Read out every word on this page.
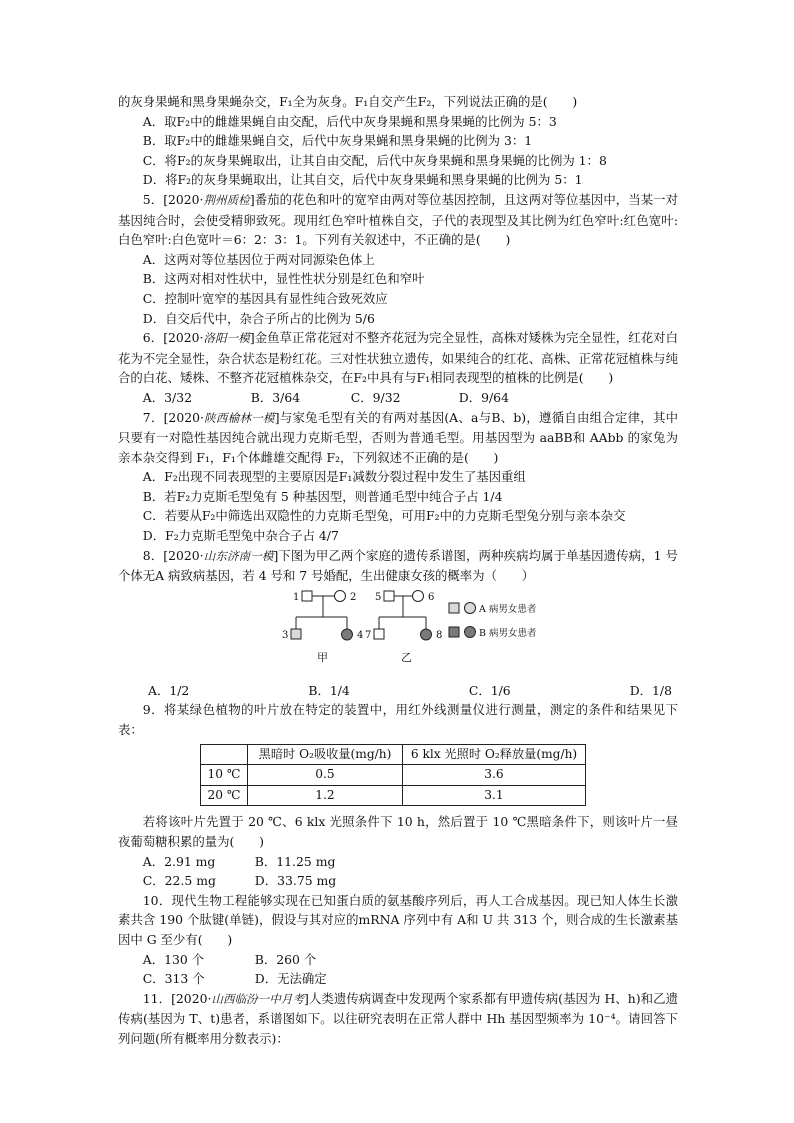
的灰身果蝇和黑身果蝇杂交，F₁全为灰身。F₁自交产生F₂，下列说法正确的是(　　)

A．取F₂中的雌雄果蝇自由交配，后代中灰身果蝇和黑身果蝇的比例为 5：3

B．取F₂中的雌雄果蝇自交，后代中灰身果蝇和黑身果蝇的比例为 3：1

C．将F₂的灰身果蝇取出，让其自由交配，后代中灰身果蝇和黑身果蝇的比例为 1：8

D．将F₂的灰身果蝇取出，让其自交，后代中灰身果蝇和黑身果蝇的比例为 5：1

5．[2020·荆州质检]番茄的花色和叶的宽窄由两对等位基因控制，且这两对等位基因中，当某一对基因纯合时，会使受精卵致死。现用红色窄叶植株自交，子代的表现型及其比例为红色窄叶:红色宽叶:白色窄叶:白色宽叶＝6：2：3：1。下列有关叙述中，不正确的是(　　)

A．这两对等位基因位于两对同源染色体上

B．这两对相对性状中，显性性状分别是红色和窄叶

C．控制叶宽窄的基因具有显性纯合致死效应

D．自交后代中，杂合子所占的比例为 5/6

6．[2020·洛阳一模]金鱼草正常花冠对不整齐花冠为完全显性，高株对矮株为完全显性，红花对白花为不完全显性，杂合状态是粉红花。三对性状独立遗传，如果纯合的红花、高株、正常花冠植株与纯合的白花、矮株、不整齐花冠植株杂交，在F₂中具有与F₁相同表现型的植株的比例是(　　)

A．3/32	B．3/64	C．9/32	D．9/64

7．[2020·陕西榆林一模]与家兔毛型有关的有两对基因(A、a与B、b)，遵循自由组合定律，其中只要有一对隐性基因纯合就出现力克斯毛型，否则为普通毛型。用基因型为 aaBB和 AAbb 的家兔为亲本杂交得到 F₁，F₁个体雌雄交配得 F₂，下列叙述不正确的是(　　)

A．F₂出现不同表现型的主要原因是F₁减数分裂过程中发生了基因重组

B．若F₂力克斯毛型兔有 5 种基因型，则普通毛型中纯合子占 1/4

C．若要从F₂中筛选出双隐性的力克斯毛型兔，可用F₂中的力克斯毛型兔分别与亲本杂交

D．F₂力克斯毛型兔中杂合子占 4/7

8．[2020·山东济南一模]下图为甲乙两个家庭的遗传系谱图，两种疾病均属于单基因遗传病，1 号个体无A 病致病基因，若 4 号和 7 号婚配，生出健康女孩的概率为（　　）

1	2
3	4
5	6
7	8
甲	乙
A 病男女患者
B 病男女患者
A．1/2	B．1/4	C．1/6	D．1/8

9．将某绿色植物的叶片放在特定的装置中，用红外线测量仪进行测量，测定的条件和结果见下表：

	黑暗时 O₂吸收量(mg/h)	6 klx 光照时 O₂释放量(mg/h)
10 ℃	0.5	3.6
20 ℃	1.2	3.1

若将该叶片先置于 20 ℃、6 klx 光照条件下 10 h，然后置于 10 ℃黑暗条件下，则该叶片一昼夜葡萄糖积累的量为(　　)

A．2.91 mg	B．11.25 mg
C．22.5 mg	D．33.75 mg

10．现代生物工程能够实现在已知蛋白质的氨基酸序列后，再人工合成基因。现已知人体生长激素共含 190 个肽键(单链)，假设与其对应的mRNA 序列中有 A和 U 共 313 个，则合成的生长激素基因中 G 至少有(　　)

A．130 个	B．260 个
C．313 个	D．无法确定

11．[2020·山西临汾一中月考]人类遗传病调查中发现两个家系都有甲遗传病(基因为 H、h)和乙遗传病(基因为 T、t)患者，系谱图如下。以往研究表明在正常人群中 Hh 基因型频率为 10⁻⁴。请回答下列问题(所有概率用分数表示)：
